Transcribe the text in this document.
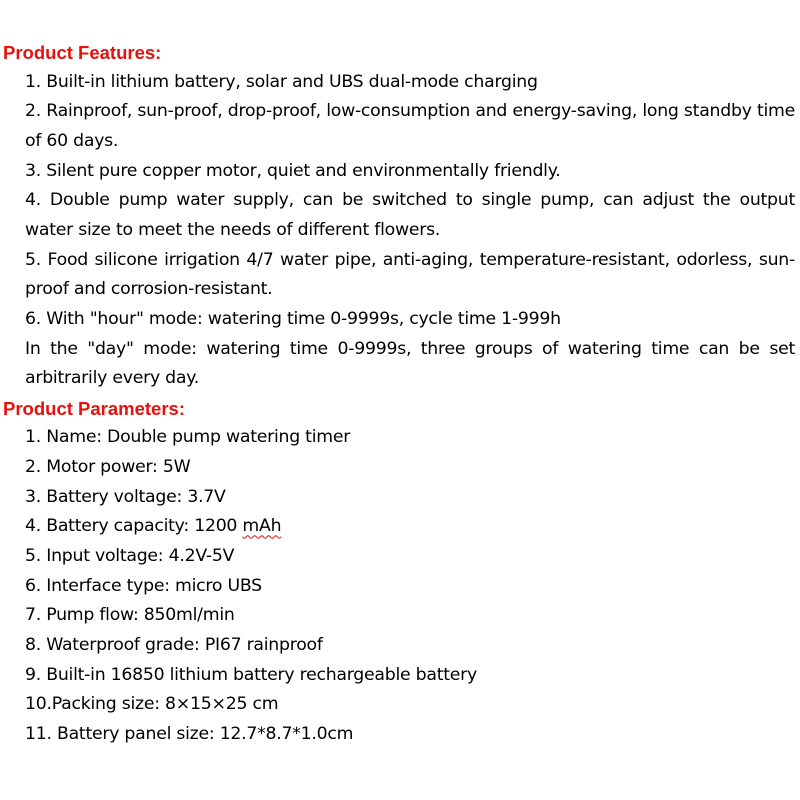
Product Features:

1. Built-in lithium battery, solar and UBS dual-mode charging

2. Rainproof, sun-proof, drop-proof, low-consumption and energy-saving, long standby time of 60 days.

3. Silent pure copper motor, quiet and environmentally friendly.

4. Double pump water supply, can be switched to single pump, can adjust the output water size to meet the needs of different flowers.

5. Food silicone irrigation 4/7 water pipe, anti-aging, temperature-resistant, odorless, sun-proof and corrosion-resistant.

6. With "hour" mode: watering time 0-9999s, cycle time 1-999h

In the "day" mode: watering time 0-9999s, three groups of watering time can be set arbitrarily every day.

Product Parameters:

1. Name: Double pump watering timer

2. Motor power: 5W

3. Battery voltage: 3.7V

4. Battery capacity: 1200 mAh

5. Input voltage: 4.2V-5V

6. Interface type: micro UBS

7. Pump flow: 850ml/min

8. Waterproof grade: PI67 rainproof

9. Built-in 16850 lithium battery rechargeable battery

10.Packing size: 8×15×25 cm

11. Battery panel size: 12.7*8.7*1.0cm
